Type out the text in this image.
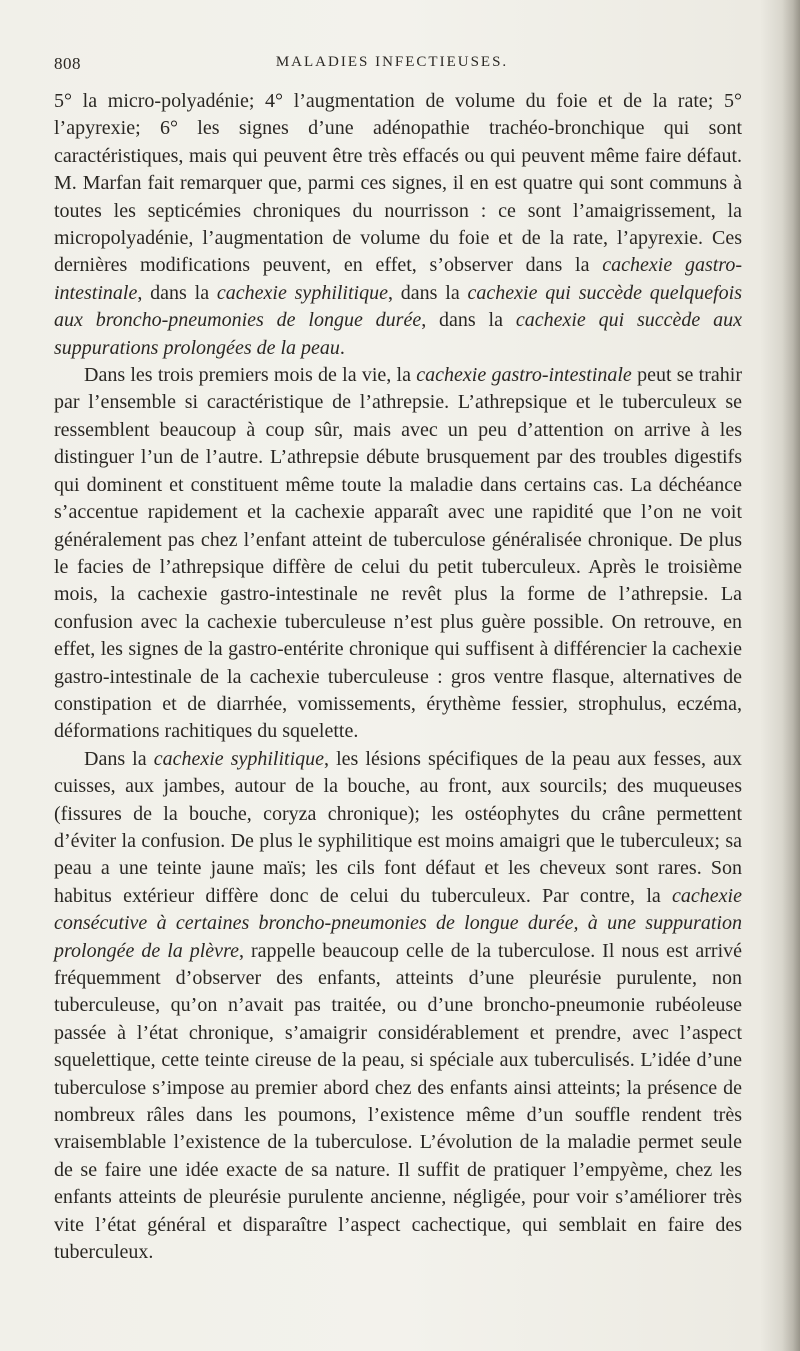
808	MALADIES INFECTIEUSES.

5° la micro-polyadénie; 4° l’augmentation de volume du foie et de la rate; 5° l’apyrexie; 6° les signes d’une adénopathie trachéo-bronchique qui sont caractéristiques, mais qui peuvent être très effacés ou qui peuvent même faire défaut. M. Marfan fait remarquer que, parmi ces signes, il en est quatre qui sont communs à toutes les septicémies chroniques du nourrisson : ce sont l’amaigrissement, la micropolyadénie, l’augmentation de volume du foie et de la rate, l’apyrexie. Ces dernières modifications peuvent, en effet, s’observer dans la cachexie gastro-intestinale, dans la cachexie syphilitique, dans la cachexie qui succède quelquefois aux broncho-pneumonies de longue durée, dans la cachexie qui succède aux suppurations prolongées de la peau.

Dans les trois premiers mois de la vie, la cachexie gastro-intestinale peut se trahir par l’ensemble si caractéristique de l’athrepsie. L’athrepsique et le tuberculeux se ressemblent beaucoup à coup sûr, mais avec un peu d’attention on arrive à les distinguer l’un de l’autre. L’athrepsie débute brusquement par des troubles digestifs qui dominent et constituent même toute la maladie dans certains cas. La déchéance s’accentue rapidement et la cachexie apparaît avec une rapidité que l’on ne voit généralement pas chez l’enfant atteint de tuberculose généralisée chronique. De plus le facies de l’athrepsique diffère de celui du petit tuberculeux. Après le troisième mois, la cachexie gastro-intestinale ne revêt plus la forme de l’athrepsie. La confusion avec la cachexie tuberculeuse n’est plus guère possible. On retrouve, en effet, les signes de la gastro-entérite chronique qui suffisent à différencier la cachexie gastro-intestinale de la cachexie tuberculeuse : gros ventre flasque, alternatives de constipation et de diarrhée, vomissements, érythème fessier, strophulus, eczéma, déformations rachitiques du squelette.

Dans la cachexie syphilitique, les lésions spécifiques de la peau aux fesses, aux cuisses, aux jambes, autour de la bouche, au front, aux sourcils; des muqueuses (fissures de la bouche, coryza chronique); les ostéophytes du crâne permettent d’éviter la confusion. De plus le syphilitique est moins amaigri que le tuberculeux; sa peau a une teinte jaune maïs; les cils font défaut et les cheveux sont rares. Son habitus extérieur diffère donc de celui du tuberculeux. Par contre, la cachexie consécutive à certaines broncho-pneumonies de longue durée, à une suppuration prolongée de la plèvre, rappelle beaucoup celle de la tuberculose. Il nous est arrivé fréquemment d’observer des enfants, atteints d’une pleurésie purulente, non tuberculeuse, qu’on n’avait pas traitée, ou d’une broncho-pneumonie rubéoleuse passée à l’état chronique, s’amaigrir considérablement et prendre, avec l’aspect squelettique, cette teinte cireuse de la peau, si spéciale aux tuberculisés. L’idée d’une tuberculose s’impose au premier abord chez des enfants ainsi atteints; la présence de nombreux râles dans les poumons, l’existence même d’un souffle rendent très vraisemblable l’existence de la tuberculose. L’évolution de la maladie permet seule de se faire une idée exacte de sa nature. Il suffit de pratiquer l’empyème, chez les enfants atteints de pleurésie purulente ancienne, négligée, pour voir s’améliorer très vite l’état général et disparaître l’aspect cachectique, qui semblait en faire des tuberculeux.
